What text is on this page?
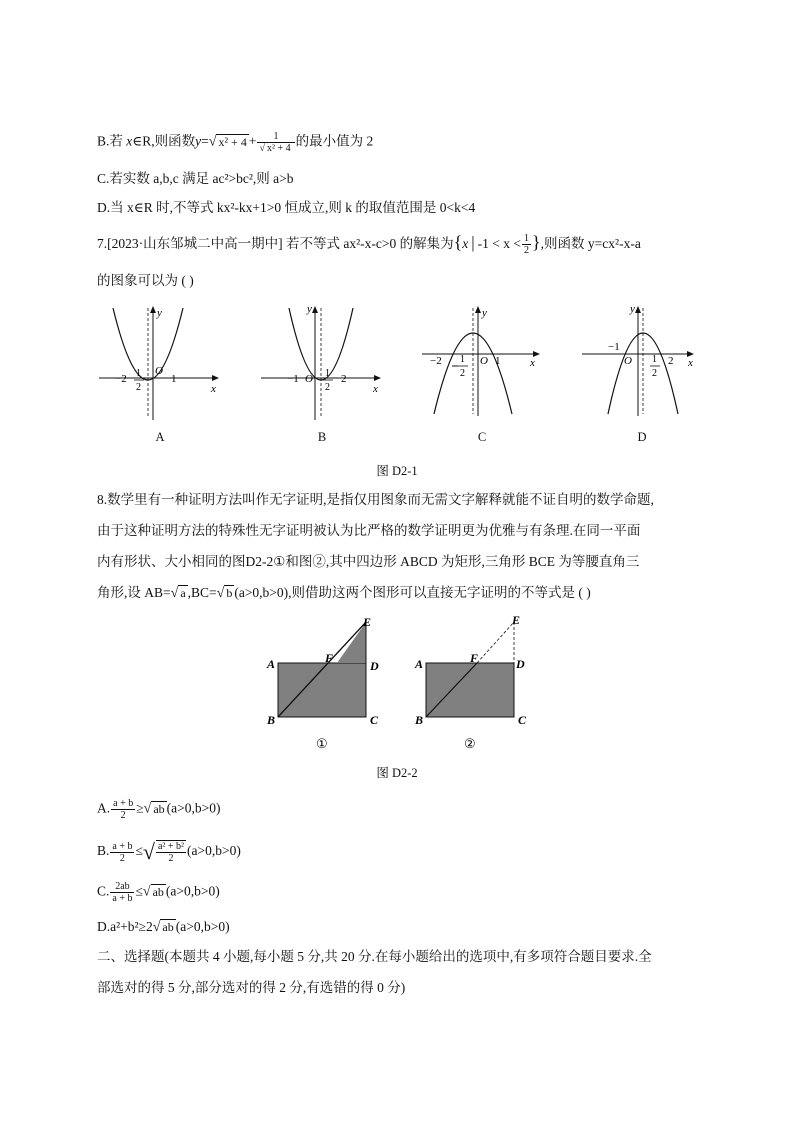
B.若 x∈R,则函数y=√ $x^2 + 4 + \frac{1}{\text{√ x² + 4}}$ 的最小值为 2
C.若实数 a,b,c 满足 ac²>bc²,则 a>b
D.当 x∈R 时,不等式 kx²-kx+1>0 恒成立,则 k 的取值范围是 0<k<4
7.[2023·山东邹城二中高一期中] 若不等式 ax²-x-c>0 的解集为{x | $-1 < x < \frac{1}{2}$ },则函数 y=cx²-x-a
的图象可以为 ( )
y
x
O
−2	1
1
2
A
y
x
O
−1	2
1
2
B
y
x
O
−2	1
1
2
C
y
x
O
−1
2
1
2
D
图 D2-1
8.数学里有一种证明方法叫作无字证明,是指仅用图象而无需文字解释就能不证自明的数学命题,
由于这种证明方法的特殊性无字证明被认为比严格的数学证明更为优雅与有条理.在同一平面
内有形状、大小相同的图D2-2①和图②,其中四边形 ABCD 为矩形,三角形 BCE 为等腰直角三
角形,设 AB=√ a ,BC=√ b (a>0,b>0),则借助这两个图形可以直接无字证明的不等式是 ( )
A
B	C
D
E
F
①
A
B	C
D
E
F
②
图 D2-2
A. $\frac{a + b}{2}$ ≥√ ab (a>0,b>0)
B. $\frac{a + b}{2}$ ≤√ $\frac{\text{a² + b²}}{2} (a>0,b>0)$
C. $\frac{2ab}{a + b}$ ≤√ ab (a>0,b>0)
D.a²+b²≥2√ ab (a>0,b>0)
二、选择题(本题共 4 小题,每小题 5 分,共 20 分.在每小题给出的选项中,有多项符合题目要求.全
部选对的得 5 分,部分选对的得 2 分,有选错的得 0 分)
